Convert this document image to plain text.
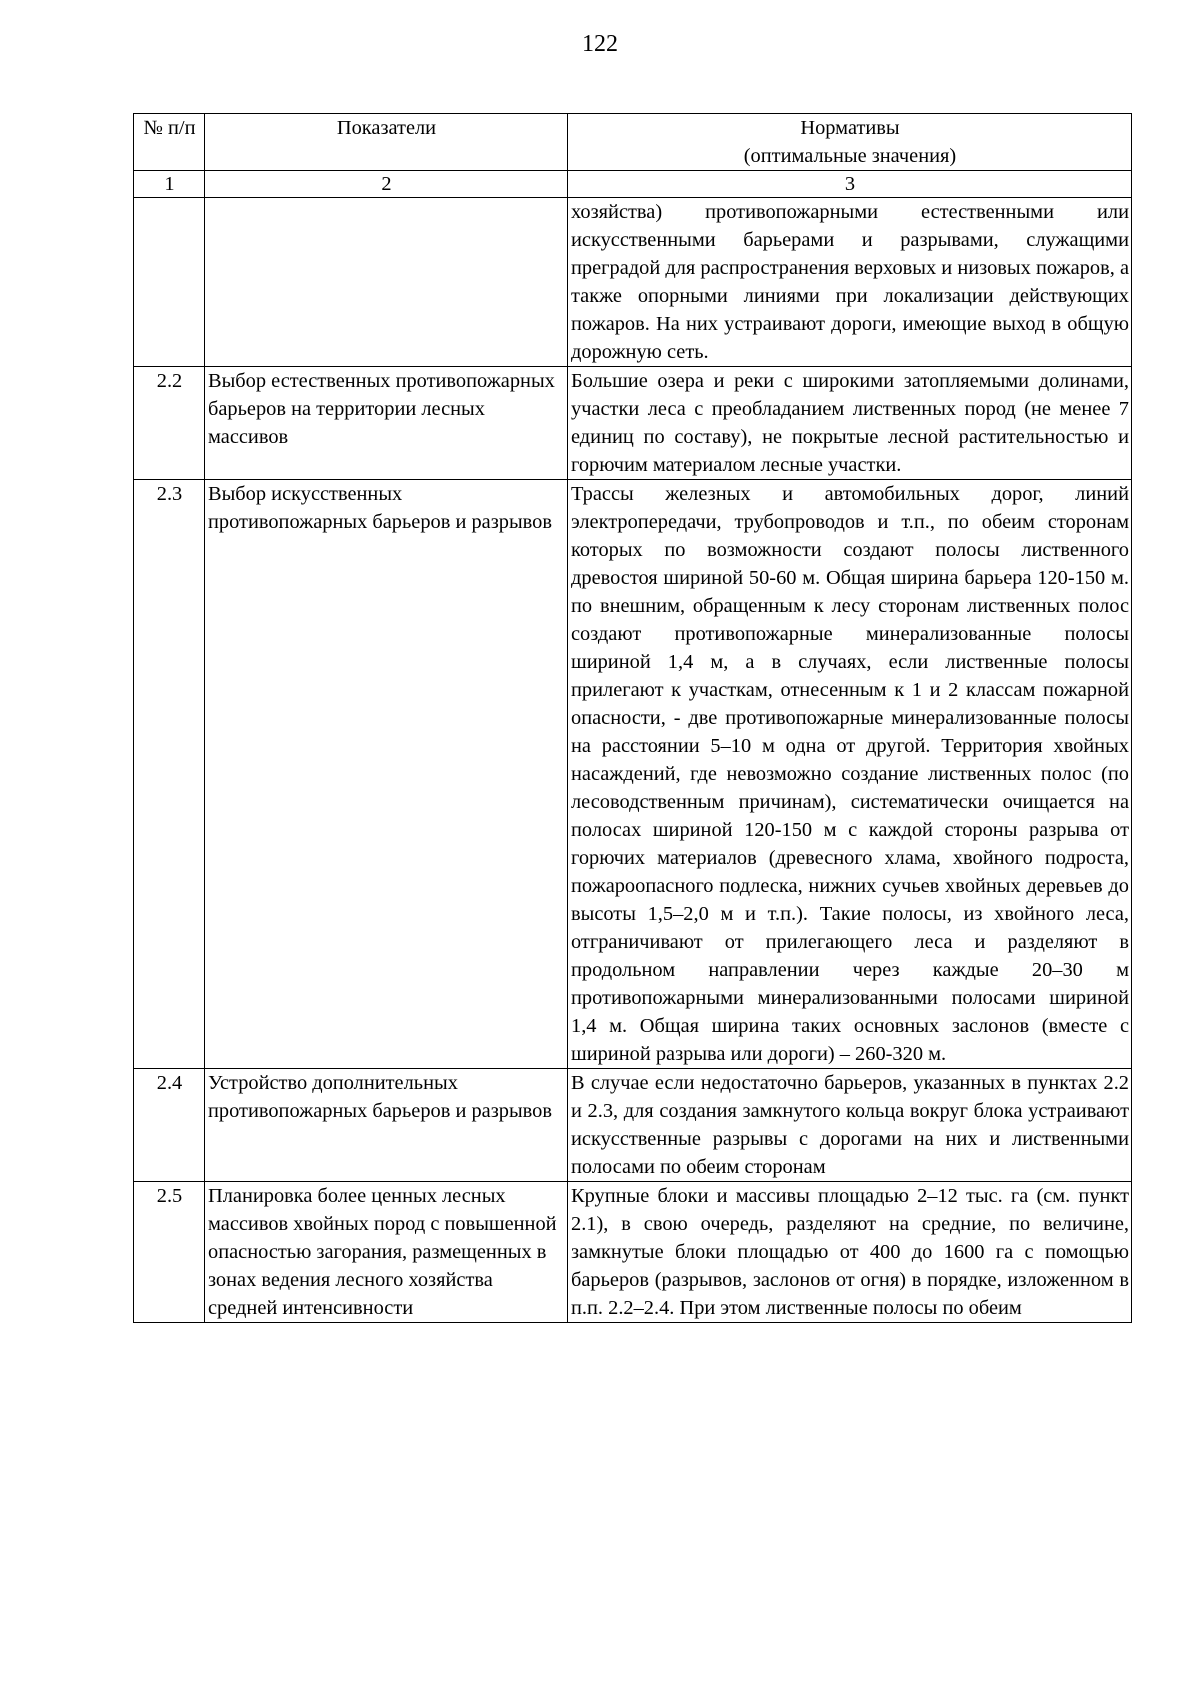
122
№ п/п	Показатели	Нормативы
(оптимальные значения)

1	2	3
		хозяйства) противопожарными естественными или искусственными барьерами и разрывами, служащими преградой для распространения верховых и низовых пожаров, а также опорными линиями при локализации действующих пожаров. На них устраивают дороги, имеющие выход в общую дорожную сеть.
2.2	Выбор естественных противопожарных барьеров на территории лесных массивов	Большие озера и реки с широкими затопляемыми долинами, участки леса с преобладанием лиственных пород (не менее 7 единиц по составу), не покрытые лесной растительностью и горючим материалом лесные участки.
2.3	Выбор искусственных противопожарных барьеров и разрывов	Трассы железных и автомобильных дорог, линий электропередачи, трубопроводов и т.п., по обеим сторонам которых по возможности создают полосы лиственного древостоя шириной 50-60 м. Общая ширина барьера 120-150 м. по внешним, обращенным к лесу сторонам лиственных полос создают противопожарные минерализованные полосы шириной 1,4 м, а в случаях, если лиственные полосы прилегают к участкам, отнесенным к 1 и 2 классам пожарной опасности, - две противопожарные минерализованные полосы на расстоянии 5–10 м одна от другой. Территория хвойных насаждений, где невозможно создание лиственных полос (по лесоводственным причинам), систематически очищается на полосах шириной 120-150 м с каждой стороны разрыва от горючих материалов (древесного хлама, хвойного подроста, пожароопасного подлеска, нижних сучьев хвойных деревьев до высоты 1,5–2,0 м и т.п.). Такие полосы, из хвойного леса, отграничивают от прилегающего леса и разделяют в продольном направлении через каждые 20–30 м противопожарными минерализованными полосами шириной 1,4 м. Общая ширина таких основных заслонов (вместе с шириной разрыва или дороги) – 260-320 м.
2.4	Устройство дополнительных противопожарных барьеров и разрывов	В случае если недостаточно барьеров, указанных в пунктах 2.2 и 2.3, для создания замкнутого кольца вокруг блока устраивают искусственные разрывы с дорогами на них и лиственными полосами по обеим сторонам
2.5	Планировка более ценных лесных массивов хвойных пород с повышенной опасностью загорания, размещенных в зонах ведения лесного хозяйства средней интенсивности	Крупные блоки и массивы площадью 2–12 тыс. га (см. пункт 2.1), в свою очередь, разделяют на средние, по величине, замкнутые блоки площадью от 400 до 1600 га с помощью барьеров (разрывов, заслонов от огня) в порядке, изложенном в п.п. 2.2–2.4. При этом лиственные полосы по обеим
